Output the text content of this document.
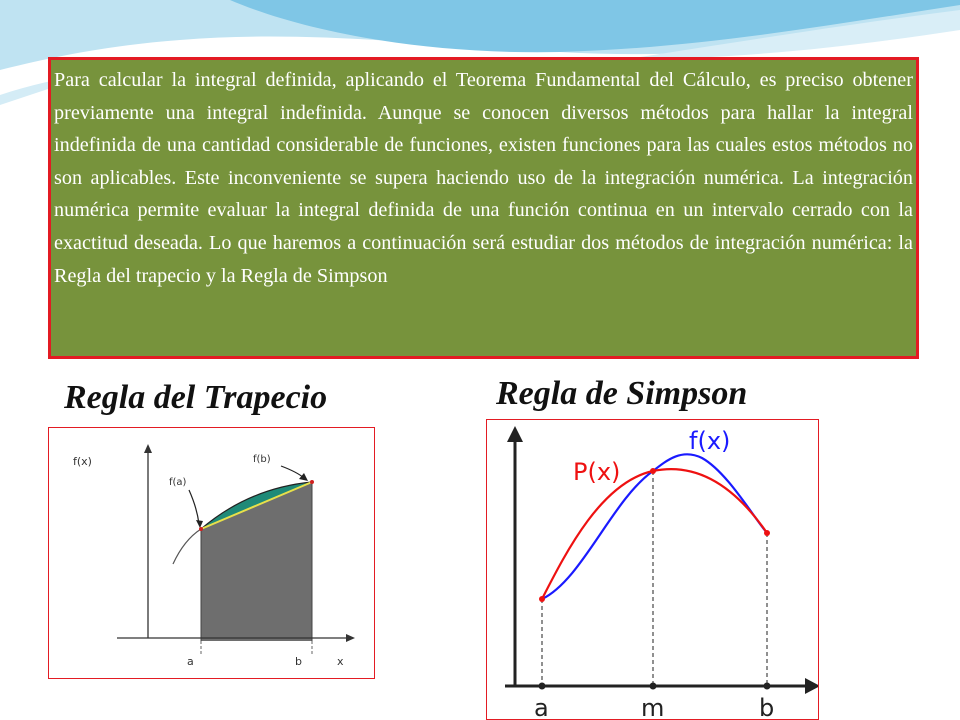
Para calcular la integral definida, aplicando el Teorema Fundamental del Cálculo, es preciso obtener previamente una integral indefinida. Aunque se conocen diversos métodos para hallar la integral indefinida de una cantidad considerable de funciones, existen funciones para las cuales estos métodos no son aplicables. Este inconveniente se supera haciendo uso de la integración numérica. La integración numérica permite evaluar la integral definida de una función continua en un intervalo cerrado con la exactitud deseada. Lo que haremos a continuación será estudiar dos métodos de integración numérica: la Regla del trapecio y la Regla de Simpson

Regla del Trapecio	Regla de Simpson
f(x)
f(a)
f(b)
a	b	x
f(x)
P(x)
a	m	b
